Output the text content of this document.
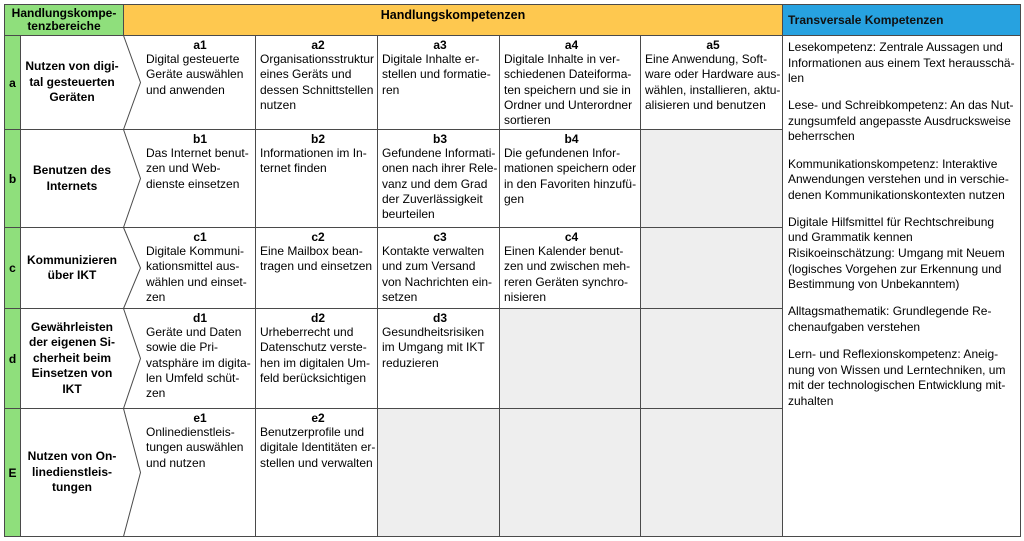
Handlungskompe-
tenzbereiche
Handlungskompetenzen	Transversale Kompetenzen
a
Nutzen von digi-
tal gesteuerten
Geräten
a1
Digital gesteuerte
Geräte auswählen
und anwenden
a2
Organisationsstruktur
eines Geräts und
dessen Schnittstellen
nutzen
a3
Digitale Inhalte er-
stellen und formatie-
ren
a4
Digitale Inhalte in ver-
schiedenen Dateiforma-
ten speichern und sie in
Ordner und Unterordner
sortieren
a5
Eine Anwendung, Soft-
ware oder Hardware aus-
wählen, installieren, aktu-
alisieren und benutzen
b
Benutzen des
Internets
b1
Das Internet benut-
zen und Web-
dienste einsetzen
b2
Informationen im In-
ternet finden
b3
Gefundene Informati-
onen nach ihrer Rele-
vanz und dem Grad
der Zuverlässigkeit
beurteilen
b4
Die gefundenen Infor-
mationen speichern oder
in den Favoriten hinzufü-
gen
c
Kommunizieren
über IKT
c1
Digitale Kommuni-
kationsmittel aus-
wählen und einset-
zen
c2
Eine Mailbox bean-
tragen und einsetzen
c3
Kontakte verwalten
und zum Versand
von Nachrichten ein-
setzen
c4
Einen Kalender benut-
zen und zwischen meh-
reren Geräten synchro-
nisieren
d
Gewährleisten
der eigenen Si-
cherheit beim
Einsetzen von
IKT
d1
Geräte und Daten
sowie die Pri-
vatsphäre im digita-
len Umfeld schüt-
zen
d2
Urheberrecht und
Datenschutz verste-
hen im digitalen Um-
feld berücksichtigen
d3
Gesundheitsrisiken
im Umgang mit IKT
reduzieren
E
Nutzen von On-
linedienstleis-
tungen
e1
Onlinedienstleis-
tungen auswählen
und nutzen
e2
Benutzerprofile und
digitale Identitäten er-
stellen und verwalten
Lesekompetenz: Zentrale Aussagen und
Informationen aus einem Text herausschä-
len
Lese- und Schreibkompetenz: An das Nut-
zungsumfeld angepasste Ausdrucksweise
beherrschen
Kommunikationskompetenz: Interaktive
Anwendungen verstehen und in verschie-
denen Kommunikationskontexten nutzen
Digitale Hilfsmittel für Rechtschreibung
und Grammatik kennen
Risikoeinschätzung: Umgang mit Neuem
(logisches Vorgehen zur Erkennung und
Bestimmung von Unbekanntem)
Alltagsmathematik: Grundlegende Re-
chenaufgaben verstehen
Lern- und Reflexionskompetenz: Aneig-
nung von Wissen und Lerntechniken, um
mit der technologischen Entwicklung mit-
zuhalten
